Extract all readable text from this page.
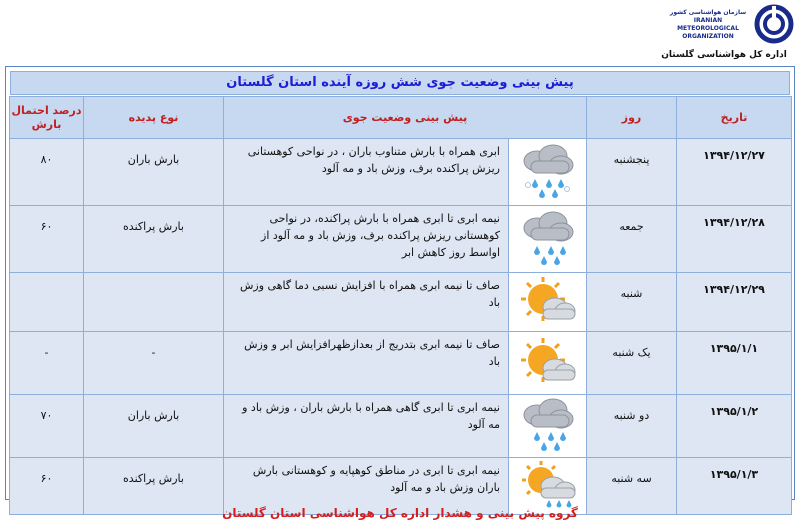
سازمان هواشناسی کشور
IRANIAN
METEOROLOGICAL
ORGANIZATION
اداره کل هواشناسی گلستان
پیش بینی وضعیت جوی شش روزه آینده استان گلستان
تاریخ	روز	پیش بینی وضعیت جوی		نوع پدیده	درصد احتمال بارش
۱۳۹۴/۱۲/۲۷	پنجشنبه		ابری همراه با بارش متناوب باران ، در نواحی کوهستانی ریزش پراکنده برف، وزش باد و مه آلود	بارش باران	۸۰
۱۳۹۴/۱۲/۲۸	جمعه		نیمه ابری تا ابری همراه با بارش پراکنده، در نواحی کوهستانی ریزش پراکنده برف، وزش باد و مه آلود از اواسط روز کاهش ابر	بارش پراکنده	۶۰
۱۳۹۴/۱۲/۲۹	شنبه		صاف تا نیمه ابری همراه با افزایش نسبی دما گاهی وزش باد		
۱۳۹۵/۱/۱	یک شنبه		صاف تا نیمه ابری بتدریج از بعدازظهرافزایش ابر و وزش باد	-	-
۱۳۹۵/۱/۲	دو شنبه		نیمه ابری تا ابری گاهی همراه با بارش باران ، وزش باد و مه آلود	بارش باران	۷۰
۱۳۹۵/۱/۳	سه شنبه		نیمه ابری تا ابری در مناطق کوهپایه و کوهستانی بارش باران وزش باد و مه آلود	بارش پراکنده	۶۰
گروه پیش بینی و هشدار اداره کل هواشناسی استان گلستان
